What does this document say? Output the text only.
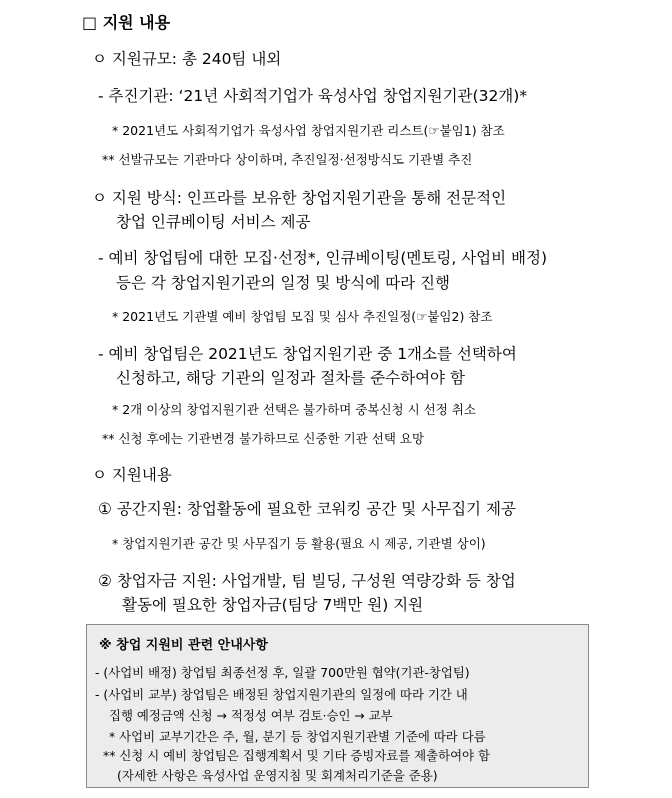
□ 지원 내용
ㅇ 지원규모: 총 240팀 내외
- 추진기관: ‘21년 사회적기업가 육성사업 창업지원기관(32개)*
* 2021년도 사회적기업가 육성사업 창업지원기관 리스트(☞붙임1) 참조
** 선발규모는 기관마다 상이하며, 추진일정·선정방식도 기관별 추진
ㅇ 지원 방식: 인프라를 보유한 창업지원기관을 통해 전문적인
창업 인큐베이팅 서비스 제공
- 예비 창업팀에 대한 모집·선정*, 인큐베이팅(멘토링, 사업비 배정)
등은 각 창업지원기관의 일정 및 방식에 따라 진행
* 2021년도 기관별 예비 창업팀 모집 및 심사 추진일정(☞붙임2) 참조
- 예비 창업팀은 2021년도 창업지원기관 중 1개소를 선택하여
신청하고, 해당 기관의 일정과 절차를 준수하여야 함
* 2개 이상의 창업지원기관 선택은 불가하며 중복신청 시 선정 취소
** 신청 후에는 기관변경 불가하므로 신중한 기관 선택 요망
ㅇ 지원내용
① 공간지원: 창업활동에 필요한 코워킹 공간 및 사무집기 제공
* 창업지원기관 공간 및 사무집기 등 활용(필요 시 제공, 기관별 상이)
② 창업자금 지원: 사업개발, 팀 빌딩, 구성원 역량강화 등 창업
활동에 필요한 창업자금(팀당 7백만 원) 지원
※ 창업 지원비 관련 안내사항
- (사업비 배정) 창업팀 최종선정 후, 일괄 700만원 협약(기관-창업팀)
- (사업비 교부) 창업팀은 배정된 창업지원기관의 일정에 따라 기간 내
집행 예정금액 신청 → 적정성 여부 검토·승인 → 교부
* 사업비 교부기간은 주, 월, 분기 등 창업지원기관별 기준에 따라 다름
** 신청 시 예비 창업팀은 집행계획서 및 기타 증빙자료를 제출하여야 함
(자세한 사항은 육성사업 운영지침 및 회계처리기준을 준용)
